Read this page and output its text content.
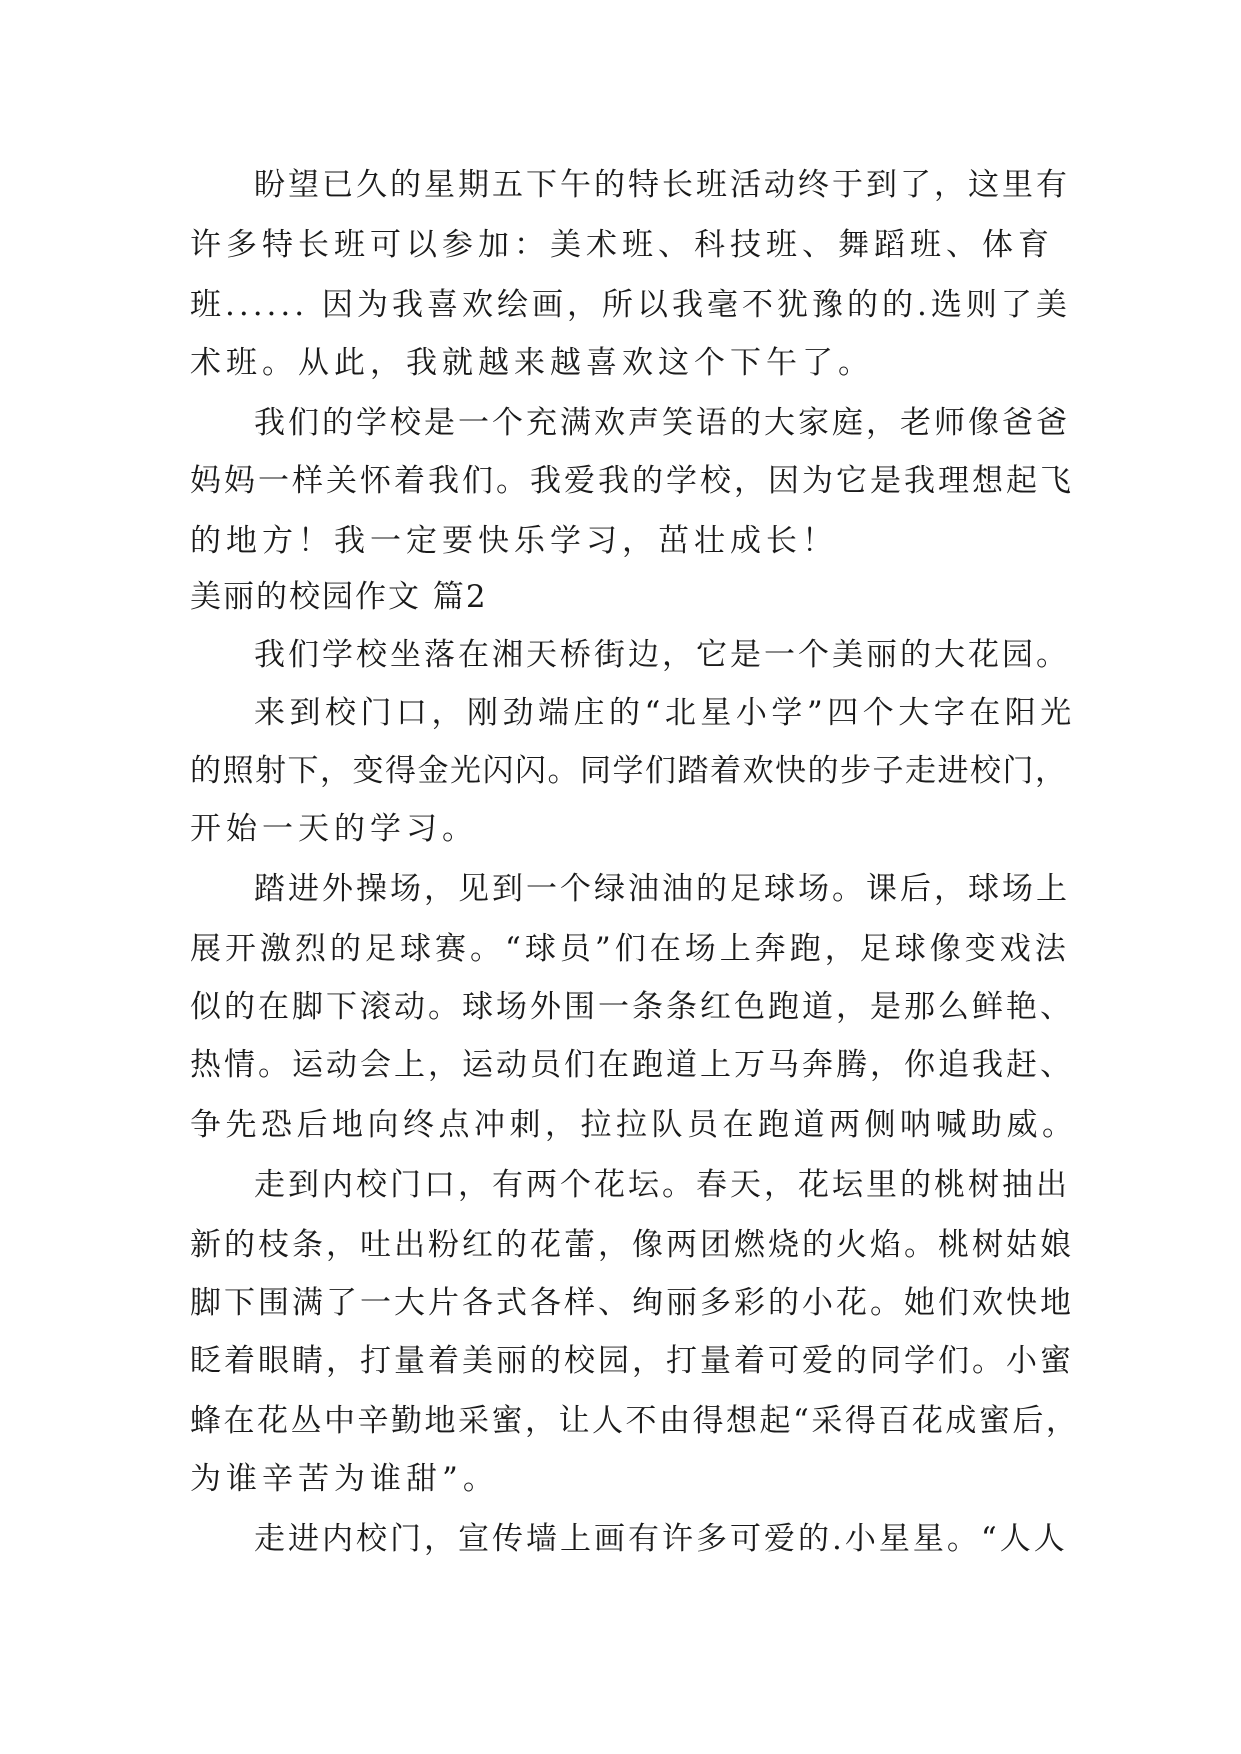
盼望已久的星期五下午的特长班活动终于到了，这里有
许多特长班可以参加：美术班、科技班、舞蹈班、体育
班...... 因为我喜欢绘画，所以我毫不犹豫的的.选则了美
术班。从此，我就越来越喜欢这个下午了。
我们的学校是一个充满欢声笑语的大家庭，老师像爸爸
妈妈一样关怀着我们。我爱我的学校，因为它是我理想起飞
的地方！我一定要快乐学习，茁壮成长！
美丽的校园作文 篇2
我们学校坐落在湘天桥街边，它是一个美丽的大花园。
来到校门口，刚劲端庄的“北星小学”四个大字在阳光
的照射下，变得金光闪闪。同学们踏着欢快的步子走进校门，
开始一天的学习。
踏进外操场，见到一个绿油油的足球场。课后，球场上
展开激烈的足球赛。“球员”们在场上奔跑，足球像变戏法
似的在脚下滚动。球场外围一条条红色跑道，是那么鲜艳、
热情。运动会上，运动员们在跑道上万马奔腾，你追我赶、
争先恐后地向终点冲刺，拉拉队员在跑道两侧呐喊助威。
走到内校门口，有两个花坛。春天，花坛里的桃树抽出
新的枝条，吐出粉红的花蕾，像两团燃烧的火焰。桃树姑娘
脚下围满了一大片各式各样、绚丽多彩的小花。她们欢快地
眨着眼睛，打量着美丽的校园，打量着可爱的同学们。小蜜
蜂在花丛中辛勤地采蜜，让人不由得想起“采得百花成蜜后，
为谁辛苦为谁甜”。
走进内校门，宣传墙上画有许多可爱的.小星星。“人人
